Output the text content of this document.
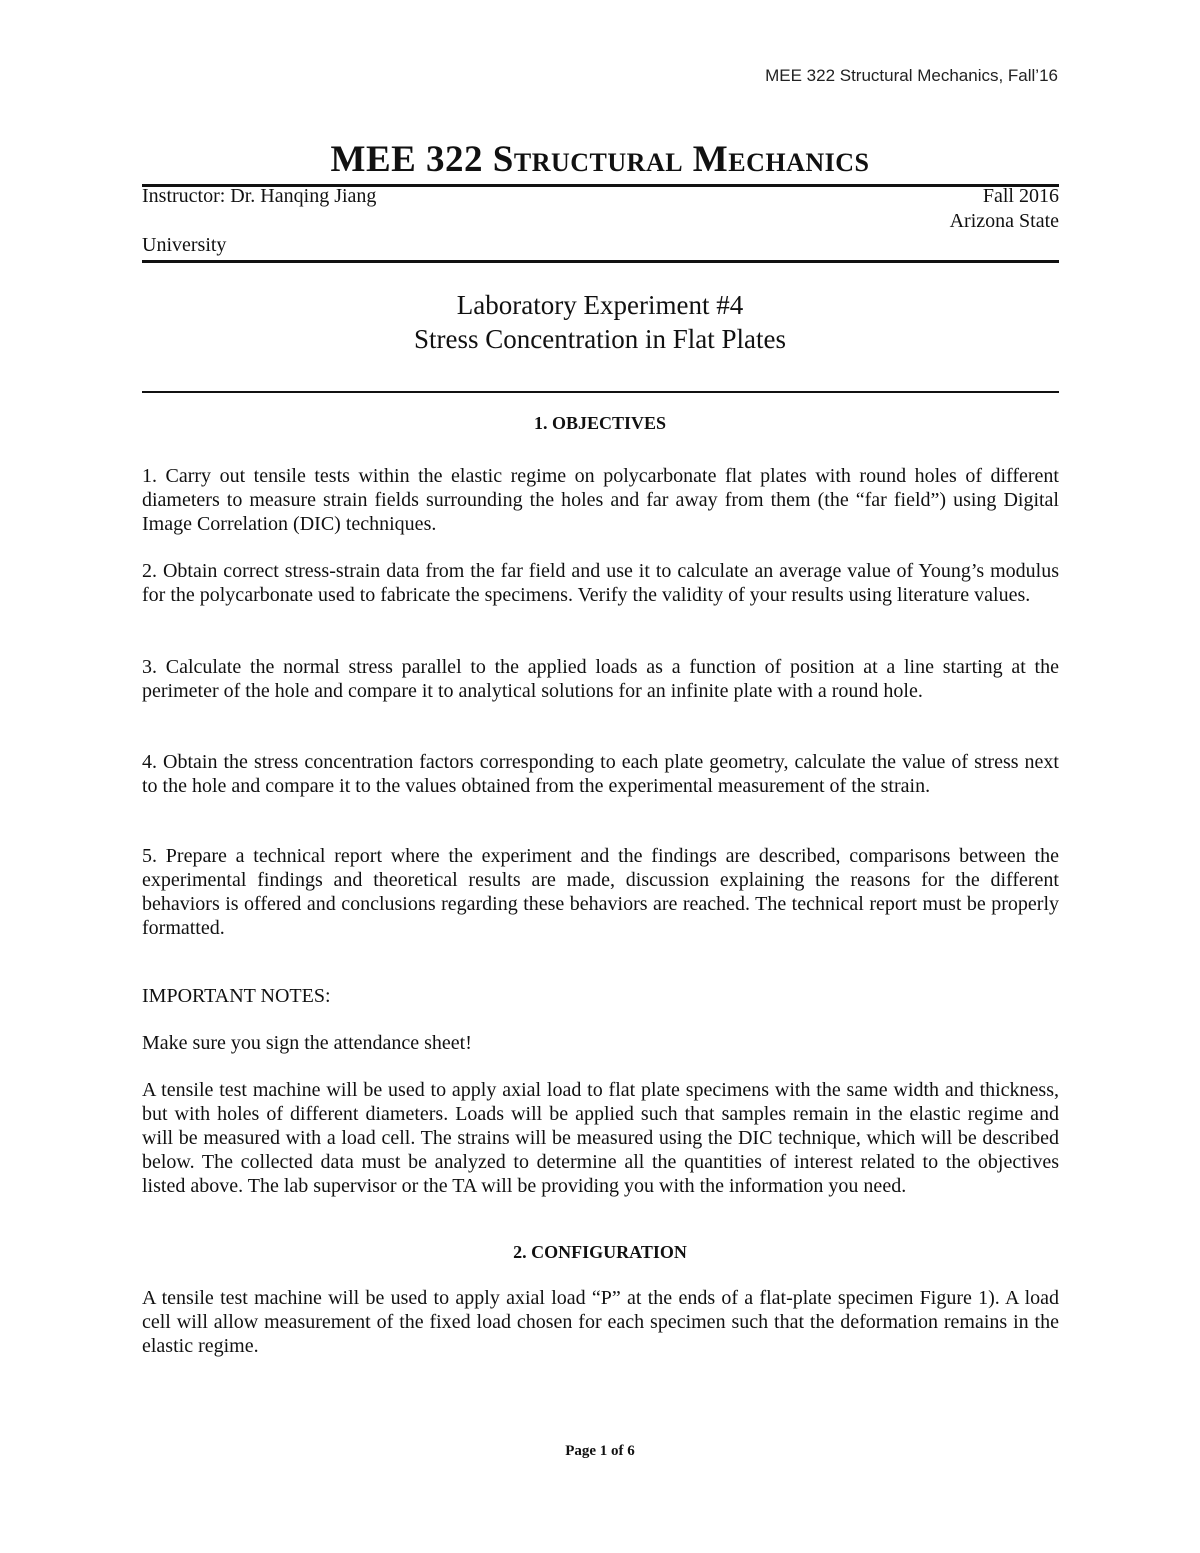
MEE 322 Structural Mechanics, Fall’16
MEE 322 Structural Mechanics
Instructor: Dr. Hanqing Jiang	Fall 2016
Arizona State
University
Laboratory Experiment #4
Stress Concentration in Flat Plates
1. OBJECTIVES

1. Carry out tensile tests within the elastic regime on polycarbonate flat plates with round holes of different diameters to measure strain fields surrounding the holes and far away from them (the “far field”) using Digital Image Correlation (DIC) techniques.

2. Obtain correct stress-strain data from the far field and use it to calculate an average value of Young’s modulus for the polycarbonate used to fabricate the specimens. Verify the validity of your results using literature values.

3. Calculate the normal stress parallel to the applied loads as a function of position at a line starting at the perimeter of the hole and compare it to analytical solutions for an infinite plate with a round hole.

4. Obtain the stress concentration factors corresponding to each plate geometry, calculate the value of stress next to the hole and compare it to the values obtained from the experimental measurement of the strain.

5. Prepare a technical report where the experiment and the findings are described, comparisons between the experimental findings and theoretical results are made, discussion explaining the reasons for the different behaviors is offered and conclusions regarding these behaviors are reached. The technical report must be properly formatted.

IMPORTANT NOTES:
Make sure you sign the attendance sheet!

A tensile test machine will be used to apply axial load to flat plate specimens with the same width and thickness, but with holes of different diameters. Loads will be applied such that samples remain in the elastic regime and will be measured with a load cell. The strains will be measured using the DIC technique, which will be described below. The collected data must be analyzed to determine all the quantities of interest related to the objectives listed above. The lab supervisor or the TA will be providing you with the information you need.

2. CONFIGURATION

A tensile test machine will be used to apply axial load “P” at the ends of a flat-plate specimen Figure 1). A load cell will allow measurement of the fixed load chosen for each specimen such that the deformation remains in the elastic regime.

Page 1 of 6
